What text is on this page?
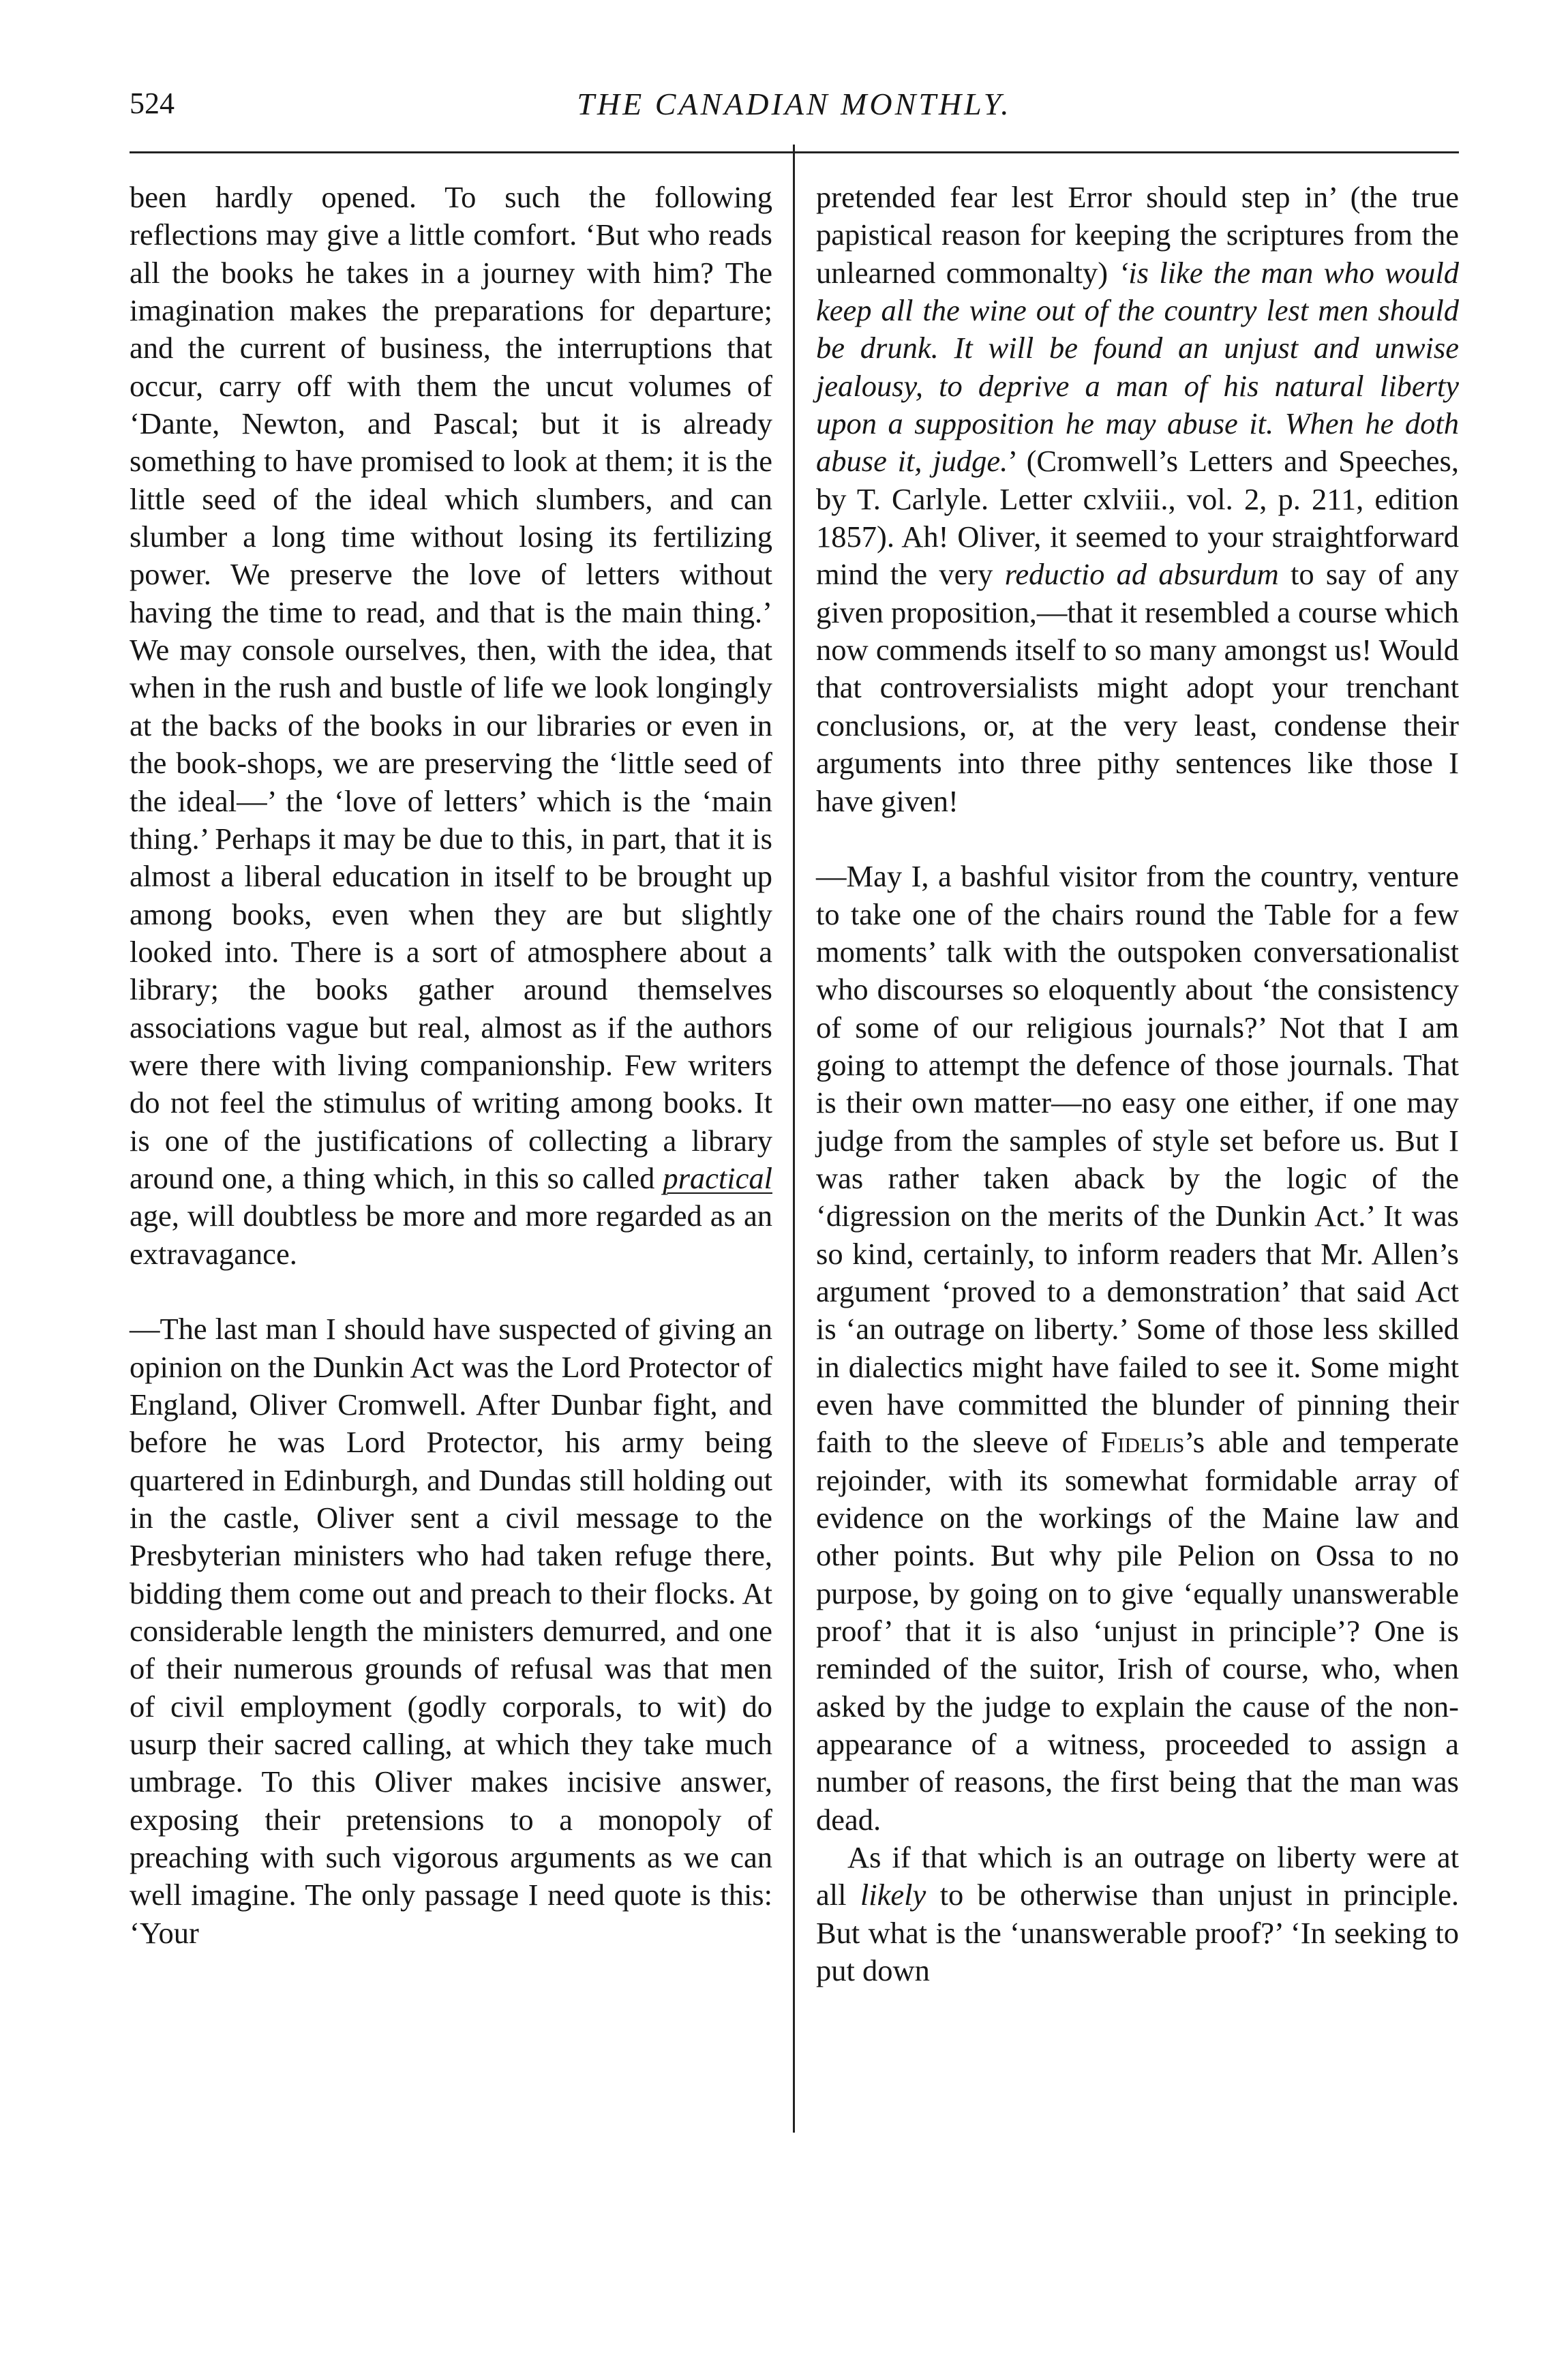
524	THE CANADIAN MONTHLY.

been hardly opened. To such the following reflections may give a little comfort. ‘But who reads all the books he takes in a journey with him? The imagination makes the preparations for departure; and the current of business, the interruptions that occur, carry off with them the uncut volumes of ‘Dante, Newton, and Pascal; but it is already something to have promised to look at them; it is the little seed of the ideal which slumbers, and can slumber a long time without losing its fertilizing power. We preserve the love of letters without having the time to read, and that is the main thing.’ We may console ourselves, then, with the idea, that when in the rush and bustle of life we look longingly at the backs of the books in our libraries or even in the book-shops, we are preserving the ‘little seed of the ideal—’ the ‘love of letters’ which is the ‘main thing.’ Perhaps it may be due to this, in part, that it is almost a liberal education in itself to be brought up among books, even when they are but slightly looked into. There is a sort of atmosphere about a library; the books gather around themselves associations vague but real, almost as if the authors were there with living companionship. Few writers do not feel the stimulus of writing among books. It is one of the justifications of collecting a library around one, a thing which, in this so called practical age, will doubtless be more and more regarded as an extravagance.

—The last man I should have suspected of giving an opinion on the Dunkin Act was the Lord Protector of England, Oliver Cromwell. After Dunbar fight, and before he was Lord Protector, his army being quartered in Edinburgh, and Dundas still holding out in the castle, Oliver sent a civil message to the Presbyterian ministers who had taken refuge there, bidding them come out and preach to their flocks. At considerable length the ministers demurred, and one of their numerous grounds of refusal was that men of civil employment (godly corporals, to wit) do usurp their sacred calling, at which they take much umbrage. To this Oliver makes incisive answer, exposing their pretensions to a monopoly of preaching with such vigorous arguments as we can well imagine. The only passage I need quote is this: ‘Your

pretended fear lest Error should step in’ (the true papistical reason for keeping the scriptures from the unlearned commonalty) ‘is like the man who would keep all the wine out of the country lest men should be drunk. It will be found an unjust and unwise jealousy, to deprive a man of his natural liberty upon a supposition he may abuse it. When he doth abuse it, judge.’ (Cromwell’s Letters and Speeches, by T. Carlyle. Letter cxlviii., vol. 2, p. 211, edition 1857). Ah! Oliver, it seemed to your straightforward mind the very reductio ad absurdum to say of any given proposition,—that it resembled a course which now commends itself to so many amongst us! Would that controversialists might adopt your trenchant conclusions, or, at the very least, condense their arguments into three pithy sentences like those I have given!

—May I, a bashful visitor from the country, venture to take one of the chairs round the Table for a few moments’ talk with the outspoken conversationalist who discourses so eloquently about ‘the consistency of some of our religious journals?’ Not that I am going to attempt the defence of those journals. That is their own matter—no easy one either, if one may judge from the samples of style set before us. But I was rather taken aback by the logic of the ‘digression on the merits of the Dunkin Act.’ It was so kind, certainly, to inform readers that Mr. Allen’s argument ‘proved to a demonstration’ that said Act is ‘an outrage on liberty.’ Some of those less skilled in dialectics might have failed to see it. Some might even have committed the blunder of pinning their faith to the sleeve of Fidelis’s able and temperate rejoinder, with its somewhat formidable array of evidence on the workings of the Maine law and other points. But why pile Pelion on Ossa to no purpose, by going on to give ‘equally unanswerable proof’ that it is also ‘unjust in principle’? One is reminded of the suitor, Irish of course, who, when asked by the judge to explain the cause of the non-appearance of a witness, proceeded to assign a number of reasons, the first being that the man was dead.

As if that which is an outrage on liberty were at all likely to be otherwise than unjust in principle. But what is the ‘unanswerable proof?’ ‘In seeking to put down
